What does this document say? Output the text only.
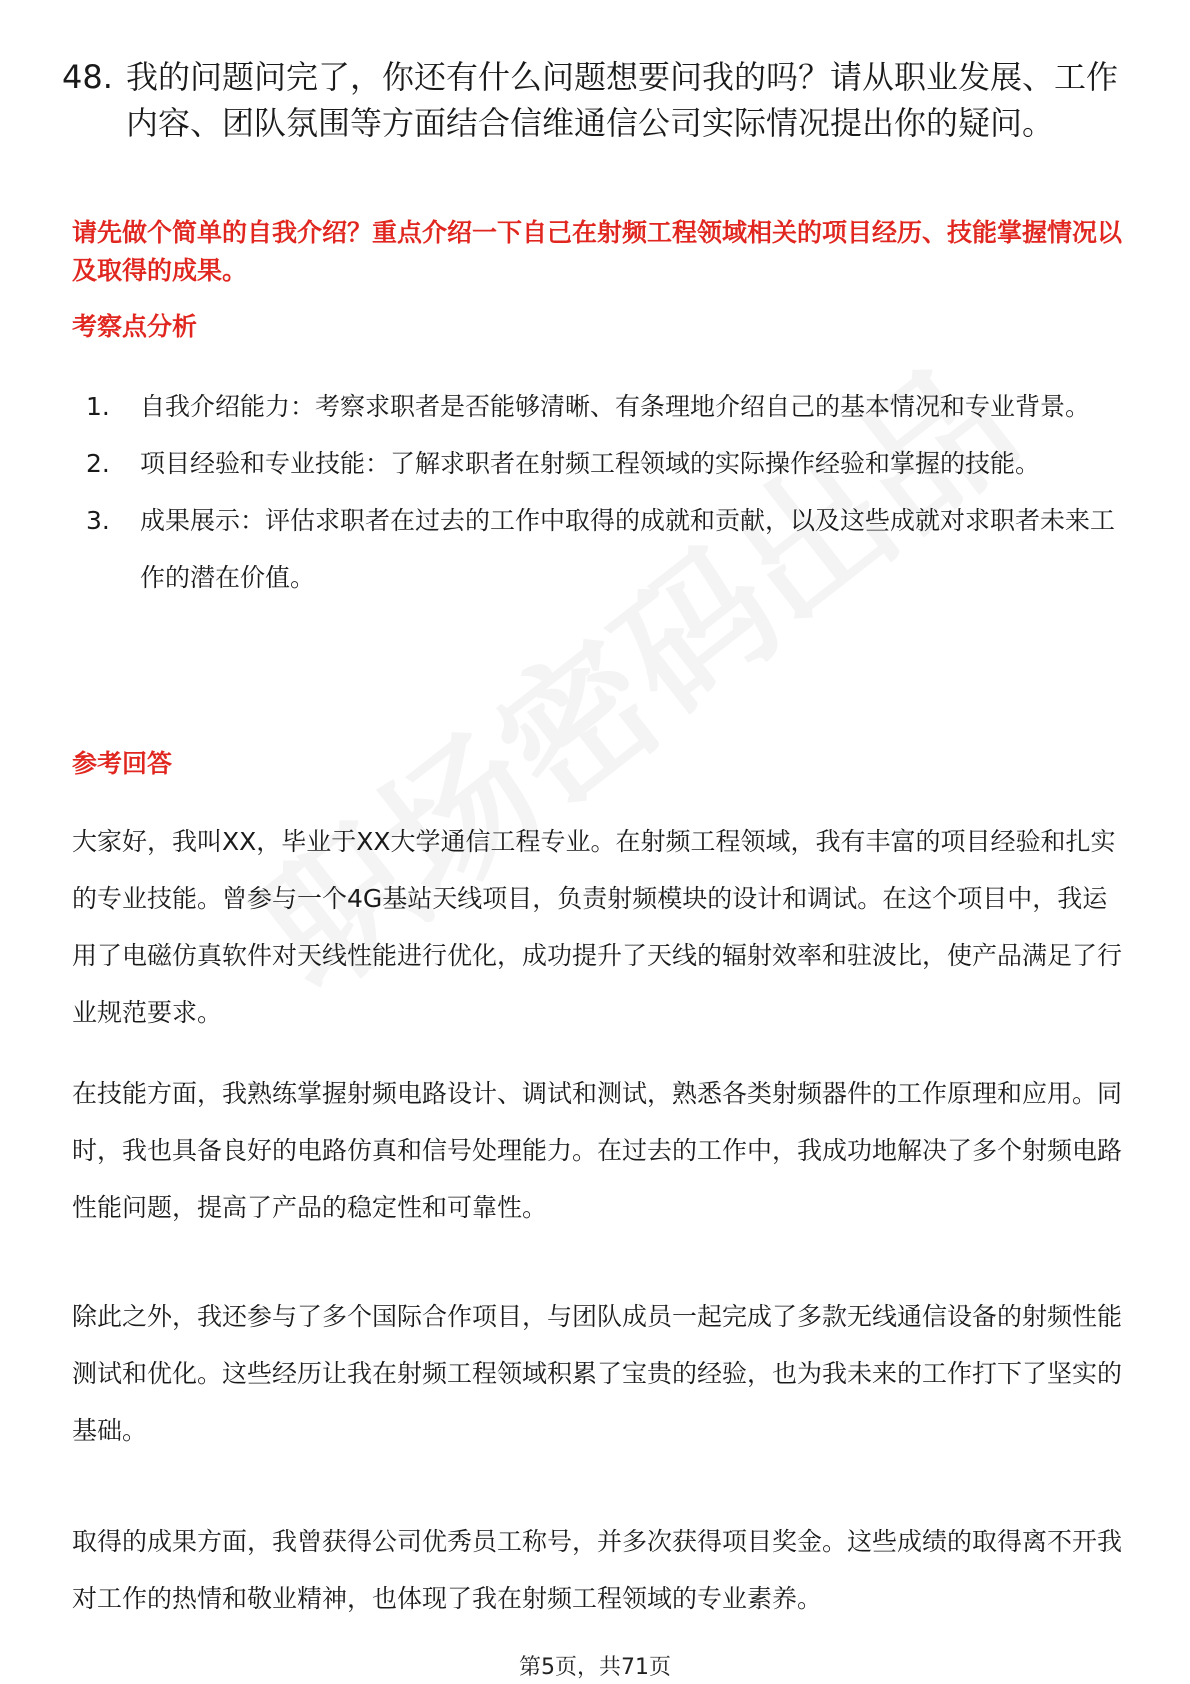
48. 我的问题问完了，你还有什么问题想要问我的吗？请从职业发展、工作内容、团队氛围等方面结合信维通信公司实际情况提出你的疑问。
请先做个简单的自我介绍？重点介绍一下自己在射频工程领域相关的项目经历、技能掌握情况以及取得的成果。
考察点分析
1.	自我介绍能力：考察求职者是否能够清晰、有条理地介绍自己的基本情况和专业背景。
2.	项目经验和专业技能：了解求职者在射频工程领域的实际操作经验和掌握的技能。
3.	成果展示：评估求职者在过去的工作中取得的成就和贡献，以及这些成就对求职者未来工作的潜在价值。
参考回答

大家好，我叫XX，毕业于XX大学通信工程专业。在射频工程领域，我有丰富的项目经验和扎实的专业技能。曾参与一个4G基站天线项目，负责射频模块的设计和调试。在这个项目中，我运用了电磁仿真软件对天线性能进行优化，成功提升了天线的辐射效率和驻波比，使产品满足了行业规范要求。

在技能方面，我熟练掌握射频电路设计、调试和测试，熟悉各类射频器件的工作原理和应用。同时，我也具备良好的电路仿真和信号处理能力。在过去的工作中，我成功地解决了多个射频电路性能问题，提高了产品的稳定性和可靠性。

除此之外，我还参与了多个国际合作项目，与团队成员一起完成了多款无线通信设备的射频性能测试和优化。这些经历让我在射频工程领域积累了宝贵的经验，也为我未来的工作打下了坚实的基础。

取得的成果方面，我曾获得公司优秀员工称号，并多次获得项目奖金。这些成绩的取得离不开我对工作的热情和敬业精神，也体现了我在射频工程领域的专业素养。

第5页，共71页
